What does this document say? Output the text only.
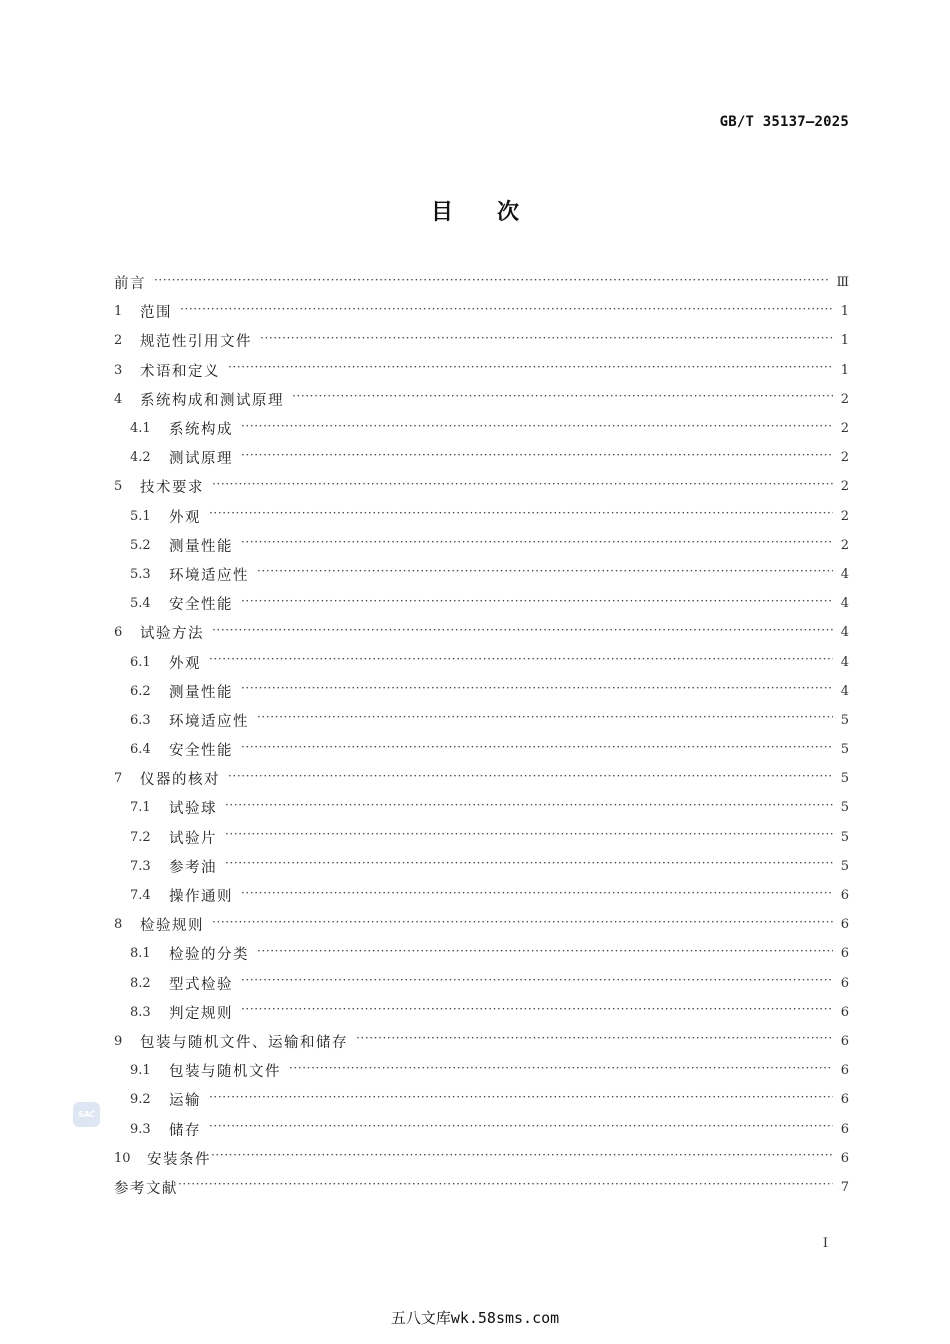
GB/T 35137—2025
目次
前言 ·····	Ⅲ
1	范围 ·····	1
2	规范性引用文件 ·····	1
3	术语和定义 ·····	1
4	系统构成和测试原理 ·····	2
4.1	系统构成 ·····	2
4.2	测试原理 ·····	2
5	技术要求 ·····	2
5.1	外观 ·····	2
5.2	测量性能 ·····	2
5.3	环境适应性 ·····	4
5.4	安全性能 ·····	4
6	试验方法 ·····	4
6.1	外观 ·····	4
6.2	测量性能 ·····	4
6.3	环境适应性 ·····	5
6.4	安全性能 ·····	5
7	仪器的核对 ·····	5
7.1	试验球 ·····	5
7.2	试验片 ·····	5
7.3	参考油 ·····	5
7.4	操作通则 ·····	6
8	检验规则 ·····	6
8.1	检验的分类 ·····	6
8.2	型式检验 ·····	6
8.3	判定规则 ·····	6
9	包装与随机文件、运输和储存 ·····	6
9.1	包装与随机文件 ·····	6
9.2	运输 ·····	6
9.3	储存 ·····	6
10	安装条件 ·····	6
参考文献 ·····	7
SAC
Ⅰ
五八文库wk.58sms.com
